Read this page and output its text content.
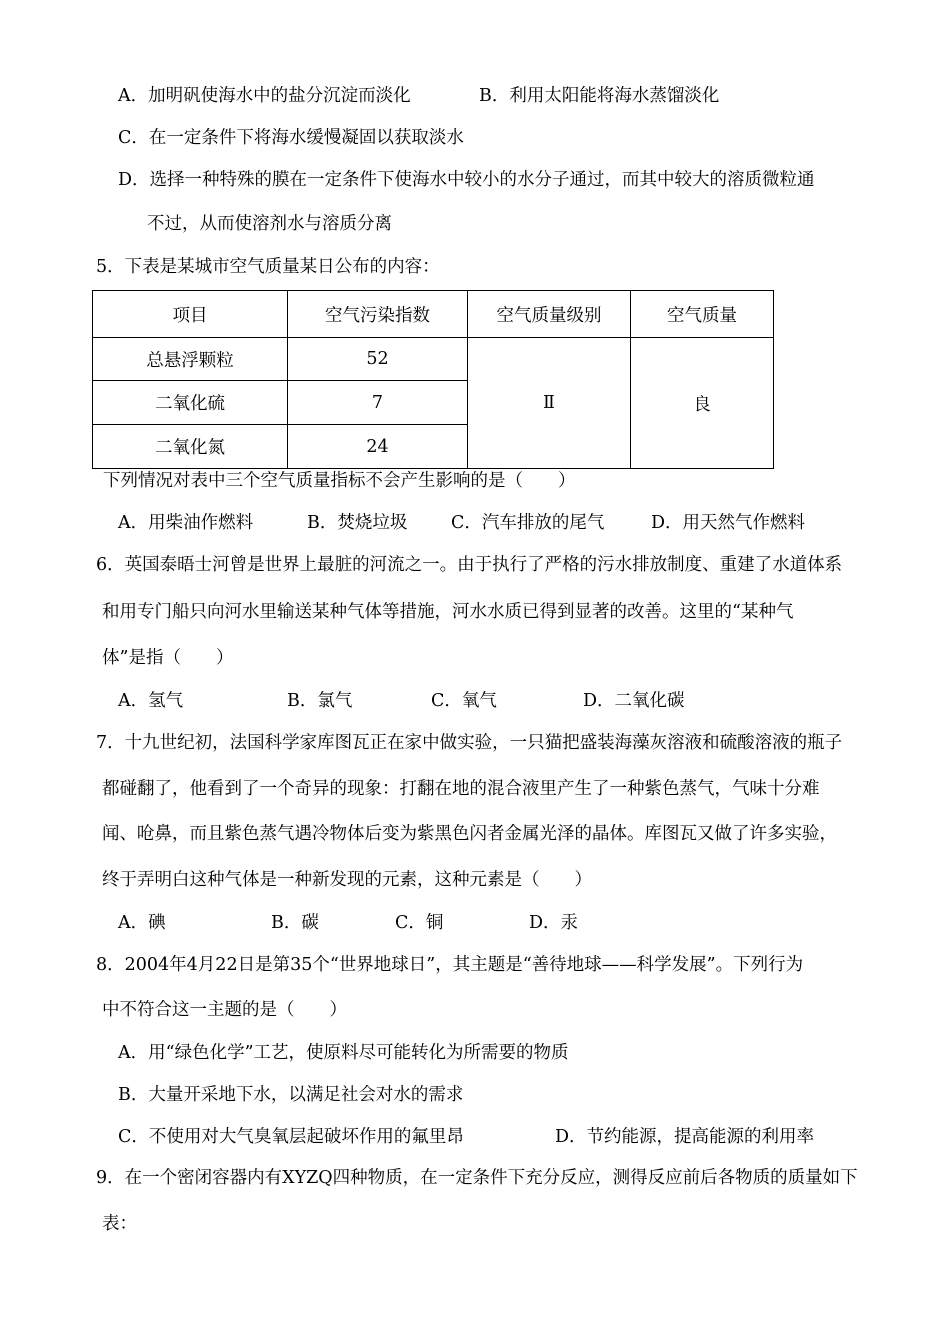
A．加明矾使海水中的盐分沉淀而淡化	B．利用太阳能将海水蒸馏淡化
C．在一定条件下将海水缓慢凝固以获取淡水
D．选择一种特殊的膜在一定条件下使海水中较小的水分子通过，而其中较大的溶质微粒通
不过，从而使溶剂水与溶质分离
5．下表是某城市空气质量某日公布的内容：
项目	空气污染指数	空气质量级别	空气质量
总悬浮颗粒	52	Ⅱ	良
二氧化硫	7		
二氧化氮	24		
下列情况对表中三个空气质量指标不会产生影响的是（　　）
A．用柴油作燃料	B．焚烧垃圾 C．汽车排放的尾气	D．用天然气作燃料
6．英国泰晤士河曾是世界上最脏的河流之一。由于执行了严格的污水排放制度、重建了水道体系
和用专门船只向河水里输送某种气体等措施，河水水质已得到显著的改善。这里的“某种气
体”是指（　　）
A．氢气	B．氯气	C．氧气	D．二氧化碳
7．十九世纪初，法国科学家库图瓦正在家中做实验，一只猫把盛装海藻灰溶液和硫酸溶液的瓶子
都碰翻了，他看到了一个奇异的现象：打翻在地的混合液里产生了一种紫色蒸气，气味十分难
闻、呛鼻，而且紫色蒸气遇冷物体后变为紫黑色闪者金属光泽的晶体。库图瓦又做了许多实验，
终于弄明白这种气体是一种新发现的元素，这种元素是（　　）
A．碘	B．碳	C．铜	D．汞
8．2004年4月22日是第35个“世界地球日”，其主题是“善待地球——科学发展”。下列行为
中不符合这一主题的是（　　）
A．用“绿色化学”工艺，使原料尽可能转化为所需要的物质
B．大量开采地下水，以满足社会对水的需求
C．不使用对大气臭氧层起破坏作用的氟里昂	D．节约能源，提高能源的利用率
9．在一个密闭容器内有XYZQ四种物质，在一定条件下充分反应，测得反应前后各物质的质量如下
表：
